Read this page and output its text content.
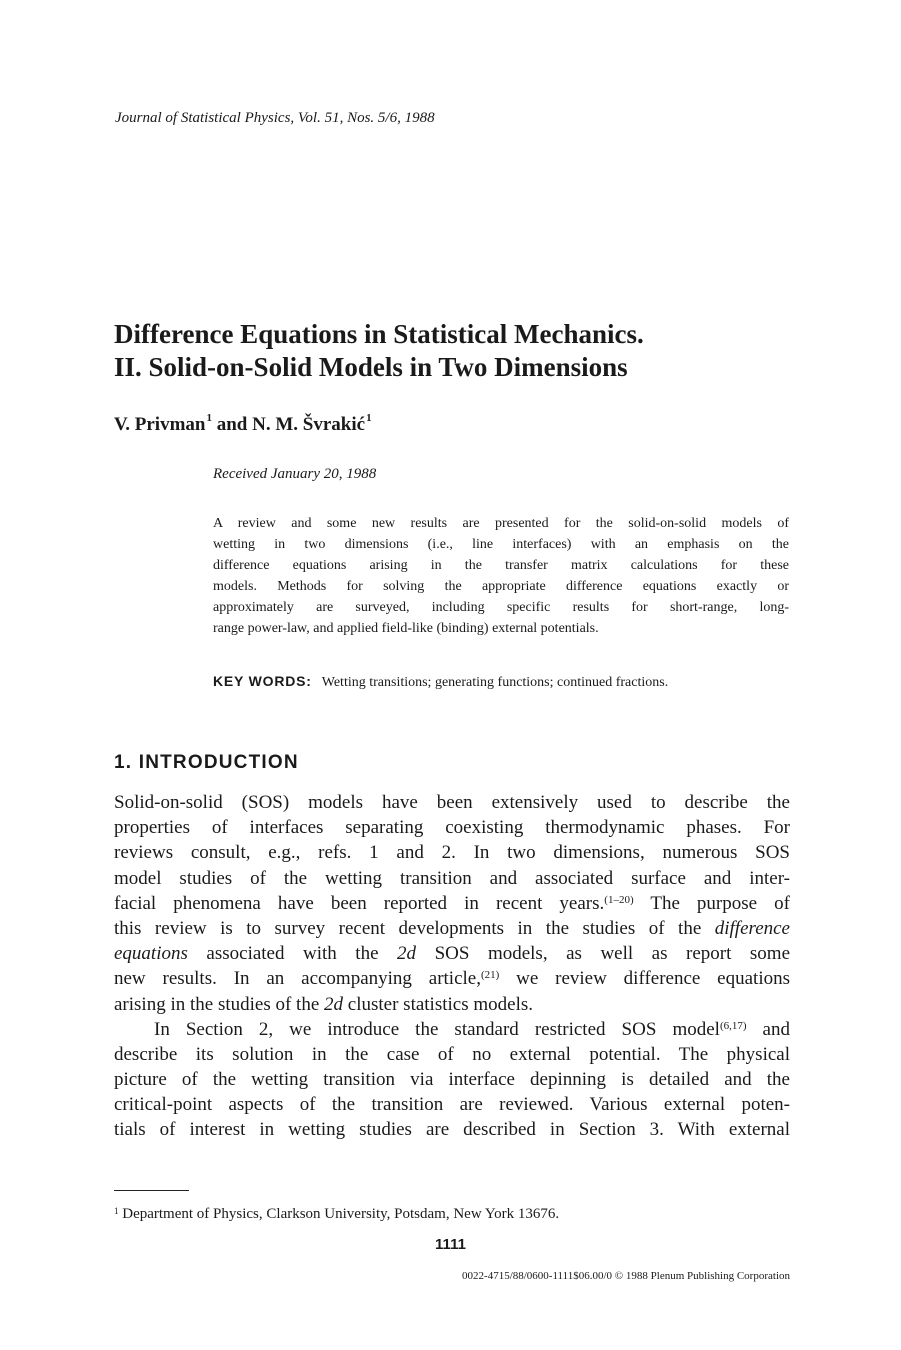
Journal of Statistical Physics, Vol. 51, Nos. 5/6, 1988
Difference Equations in Statistical Mechanics.
II. Solid-on-Solid Models in Two Dimensions
V. Privman$^1$ and N. M. Švrakić$^1$
Received January 20, 1988
A review and some new results are presented for the solid-on-solid models of
wetting in two dimensions (i.e., line interfaces) with an emphasis on the
difference equations arising in the transfer matrix calculations for these
models. Methods for solving the appropriate difference equations exactly or
approximately are surveyed, including specific results for short-range, long-
range power-law, and applied field-like (binding) external potentials.
KEY WORDS: Wetting transitions; generating functions; continued fractions.
1. INTRODUCTION
Solid-on-solid (SOS) models have been extensively used to describe the
properties of interfaces separating coexisting thermodynamic phases. For
reviews consult, e.g., refs. 1 and 2. In two dimensions, numerous SOS
model studies of the wetting transition and associated surface and inter-
facial phenomena have been reported in recent years.$^{(1-20)}$ The purpose of
this review is to survey recent developments in the studies of the difference
equations associated with the 2d SOS models, as well as report some
new results. In an accompanying article,$^{(21)}$ we review difference equations
arising in the studies of the 2d cluster statistics models.
In Section 2, we introduce the standard restricted SOS model$^{(6,17)}$ and
describe its solution in the case of no external potential. The physical
picture of the wetting transition via interface depinning is detailed and the
critical-point aspects of the transition are reviewed. Various external poten-
tials of interest in wetting studies are described in Section 3. With external
$^1$ Department of Physics, Clarkson University, Potsdam, New York 13676.
1111
0022-4715/88/0600-1111$06.00/0 © 1988 Plenum Publishing Corporation
